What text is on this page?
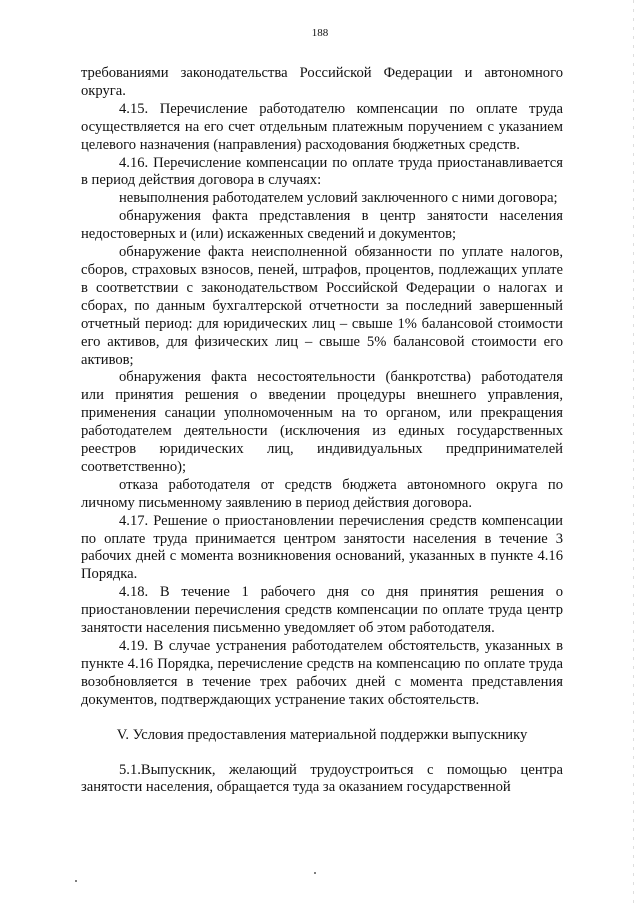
188

требованиями законодательства Российской Федерации и автономного округа.

4.15. Перечисление работодателю компенсации по оплате труда осуществляется на его счет отдельным платежным поручением с указанием целевого назначения (направления) расходования бюджетных средств.

4.16. Перечисление компенсации по оплате труда приостанавливается в период действия договора в случаях:

невыполнения работодателем условий заключенного с ними договора;

обнаружения факта представления в центр занятости населения недостоверных и (или) искаженных сведений и документов;

обнаружение факта неисполненной обязанности по уплате налогов, сборов, страховых взносов, пеней, штрафов, процентов, подлежащих уплате в соответствии с законодательством Российской Федерации о налогах и сборах, по данным бухгалтерской отчетности за последний завершенный отчетный период: для юридических лиц – свыше 1% балансовой стоимости его активов, для физических лиц – свыше 5% балансовой стоимости его активов;

обнаружения факта несостоятельности (банкротства) работодателя или принятия решения о введении процедуры внешнего управления, применения санации уполномоченным на то органом, или прекращения работодателем деятельности (исключения из единых государственных реестров юридических лиц, индивидуальных предпринимателей соответственно);

отказа работодателя от средств бюджета автономного округа по личному письменному заявлению в период действия договора.

4.17. Решение о приостановлении перечисления средств компенсации по оплате труда принимается центром занятости населения в течение 3 рабочих дней с момента возникновения оснований, указанных в пункте 4.16 Порядка.

4.18. В течение 1 рабочего дня со дня принятия решения о приостановлении перечисления средств компенсации по оплате труда центр занятости населения письменно уведомляет об этом работодателя.

4.19. В случае устранения работодателем обстоятельств, указанных в пункте 4.16 Порядка, перечисление средств на компенсацию по оплате труда возобновляется в течение трех рабочих дней с момента представления документов, подтверждающих устранение таких обстоятельств.

V. Условия предоставления материальной поддержки выпускнику

5.1.Выпускник, желающий трудоустроиться с помощью центра занятости населения, обращается туда за оказанием государственной
